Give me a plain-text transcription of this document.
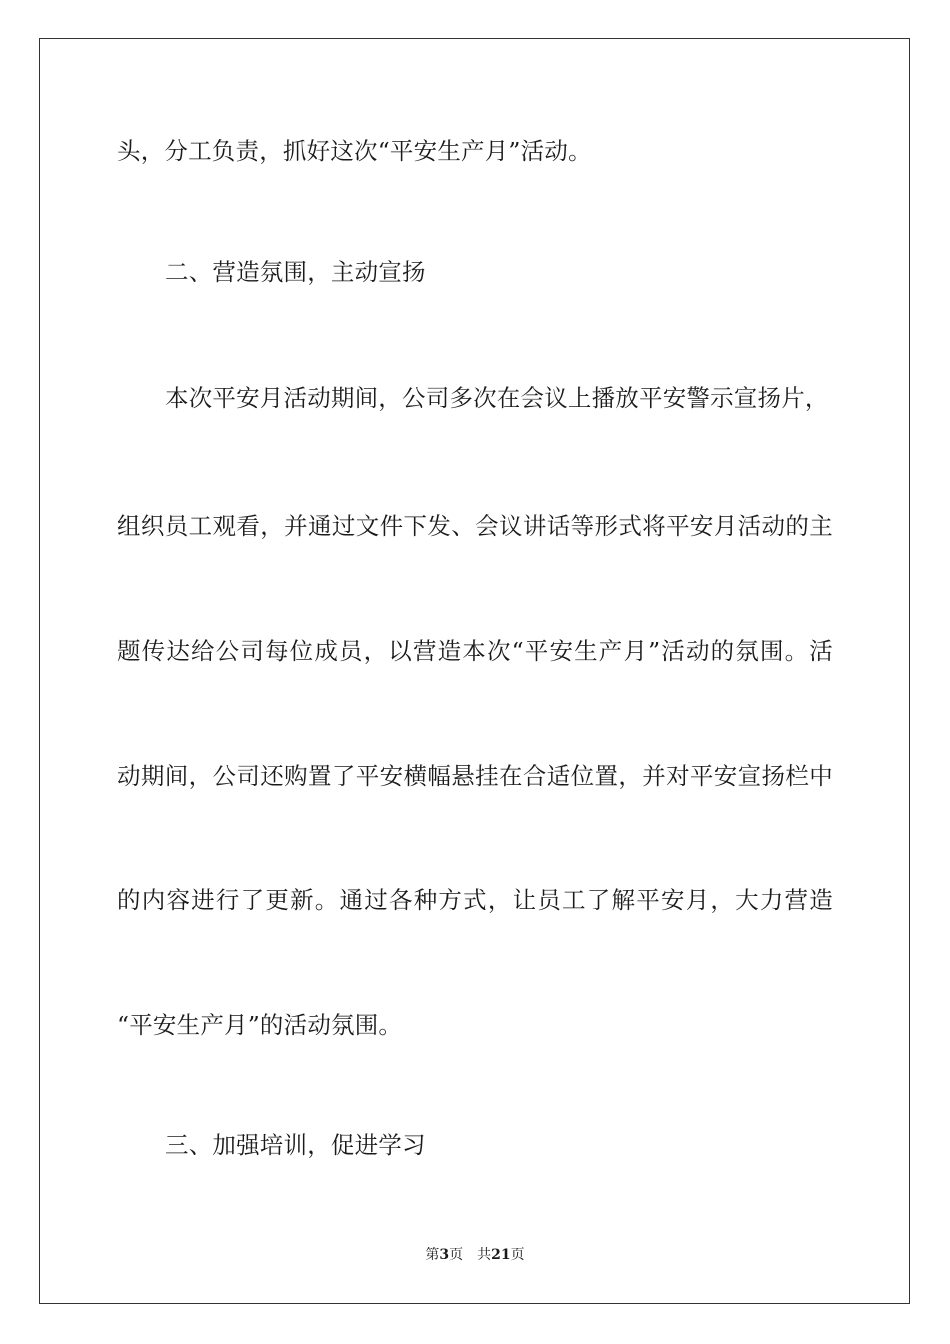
头，分工负责，抓好这次“平安生产月”活动。
二、营造氛围，主动宣扬
本次平安月活动期间，公司多次在会议上播放平安警示宣扬片，
组织员工观看，并通过文件下发、会议讲话等形式将平安月活动的主
题传达给公司每位成员，以营造本次“平安生产月”活动的氛围。活
动期间，公司还购置了平安横幅悬挂在合适位置，并对平安宣扬栏中
的内容进行了更新。通过各种方式，让员工了解平安月，大力营造
“平安生产月”的活动氛围。
三、加强培训，促进学习
第3页 共21页
